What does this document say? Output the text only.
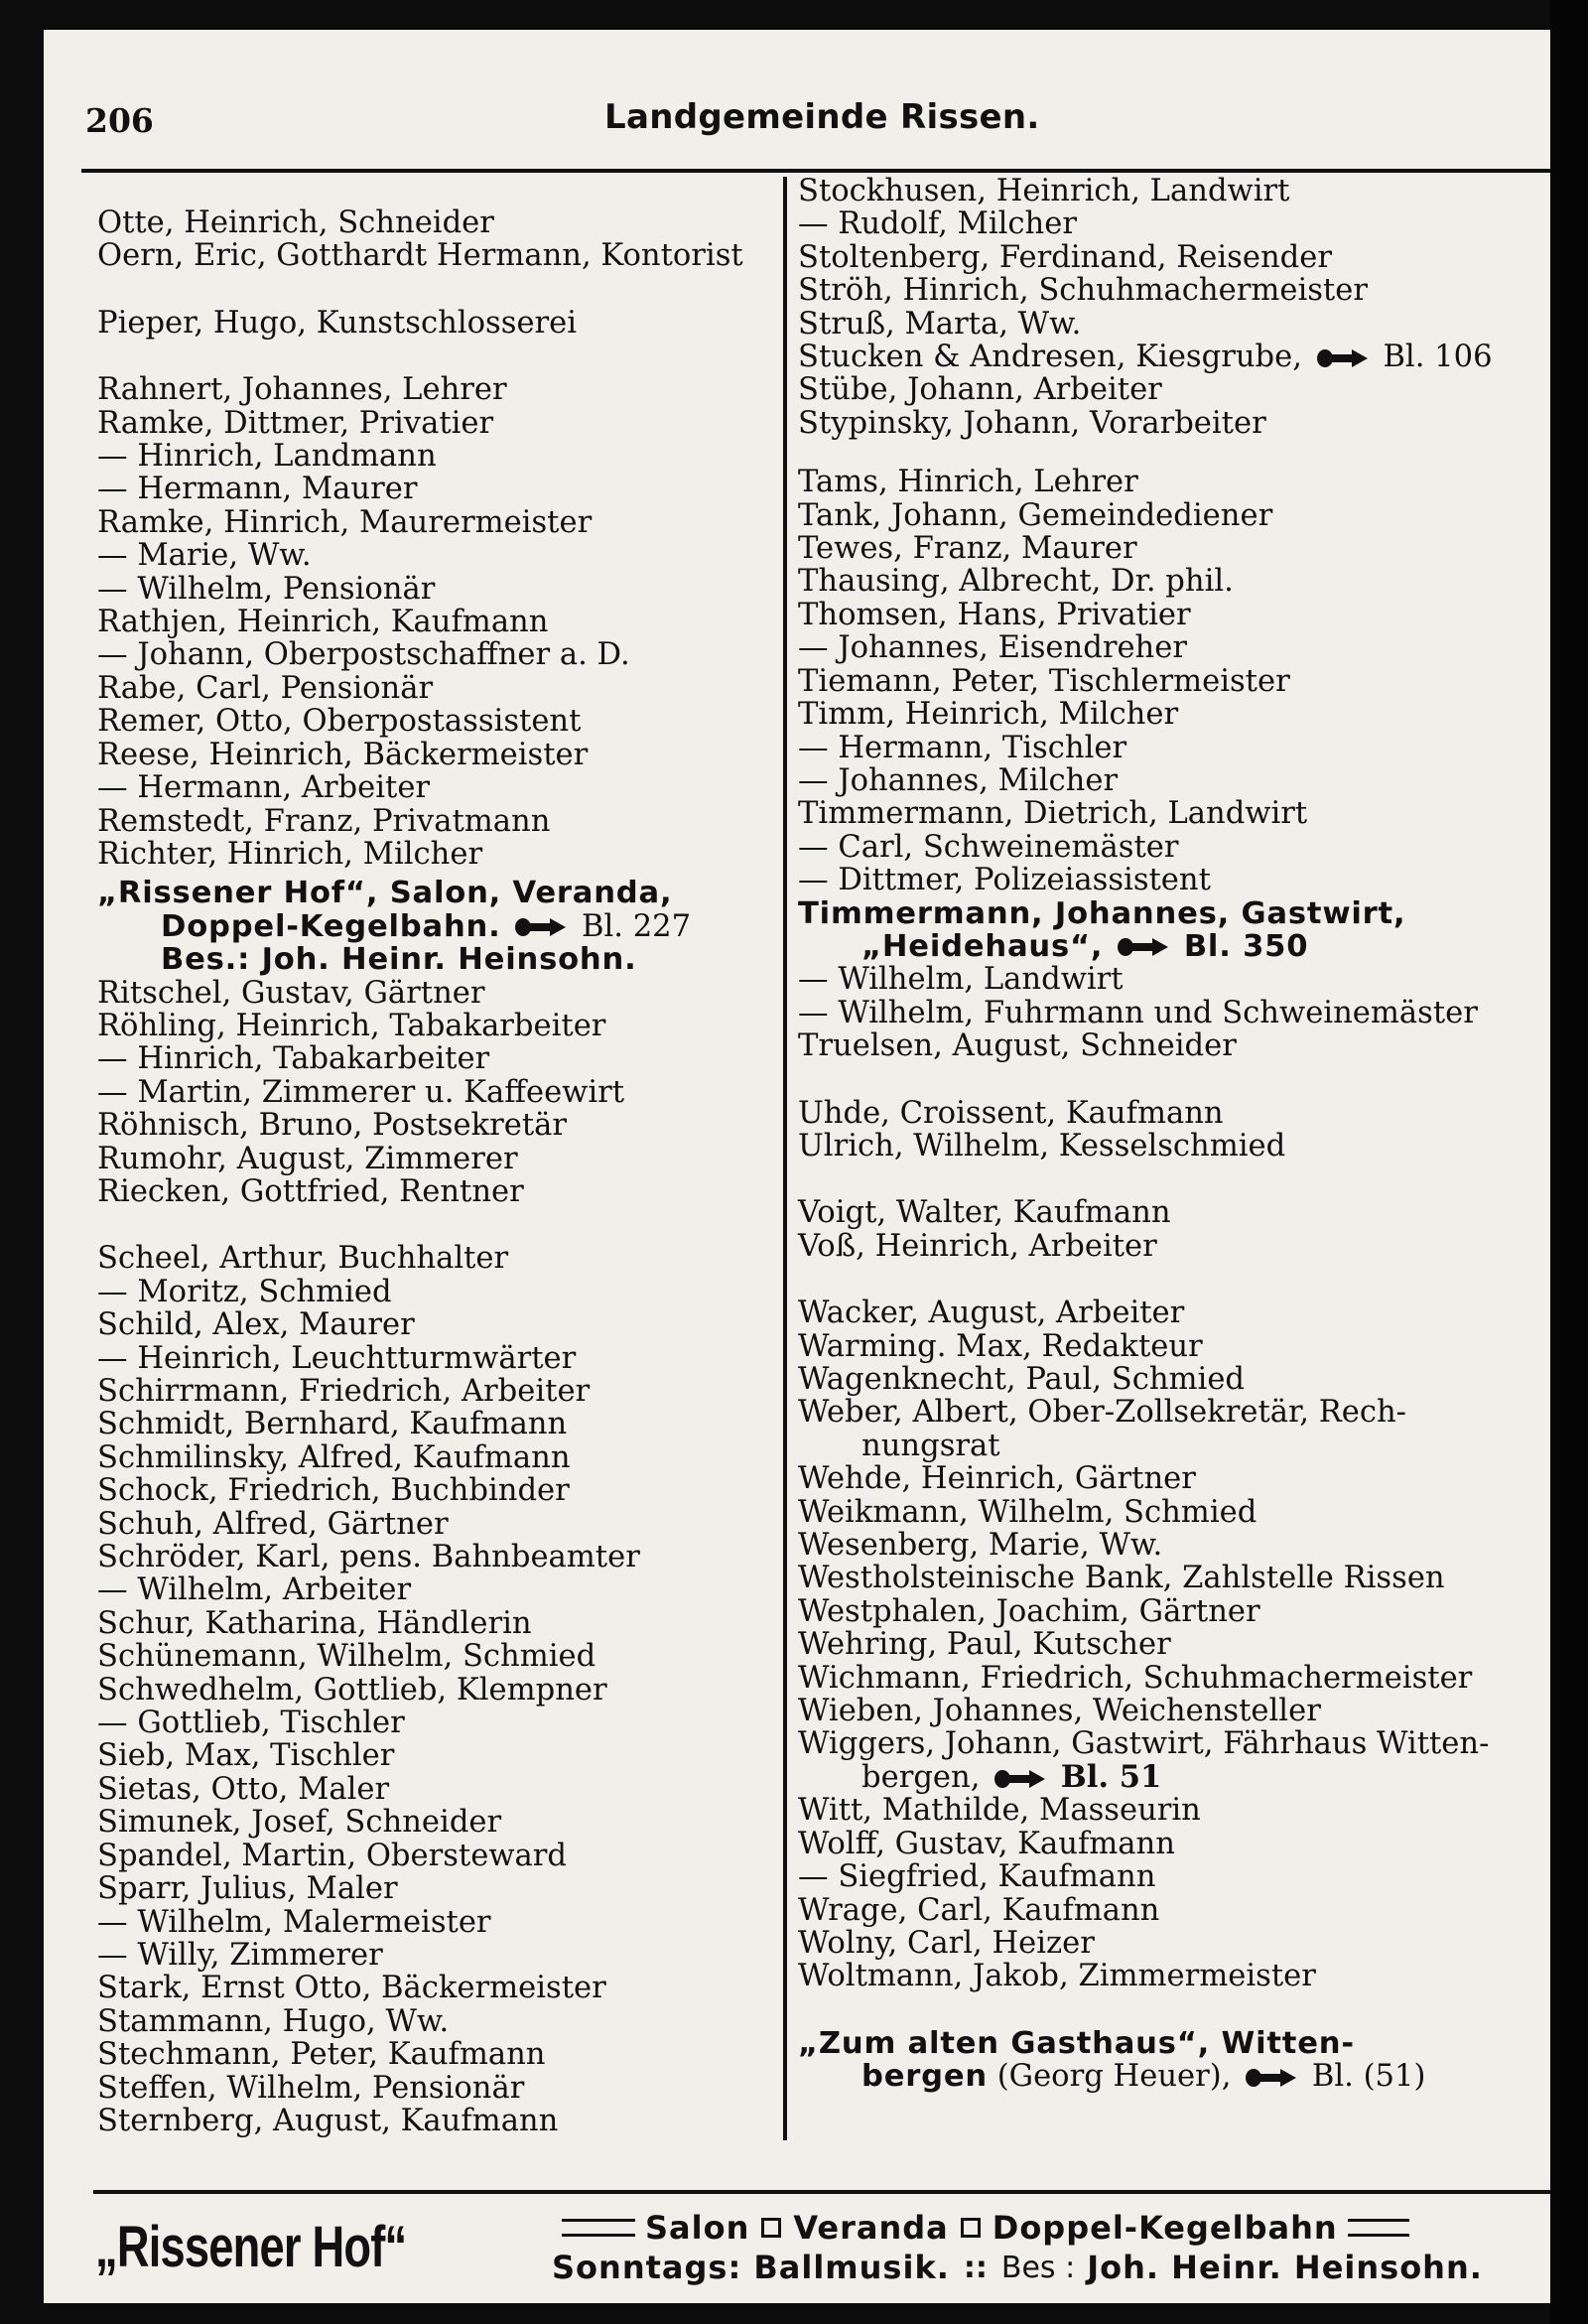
206	Landgemeinde Rissen.
Otte, Heinrich, Schneider
Oern, Eric, Gotthardt Hermann, Kontorist
Pieper, Hugo, Kunstschlosserei
Rahnert, Johannes, Lehrer
Ramke, Dittmer, Privatier
— Hinrich, Landmann
— Hermann, Maurer
Ramke, Hinrich, Maurermeister
— Marie, Ww.
— Wilhelm, Pensionär
Rathjen, Heinrich, Kaufmann
— Johann, Oberpostschaffner a. D.
Rabe, Carl, Pensionär
Remer, Otto, Oberpostassistent
Reese, Heinrich, Bäckermeister
— Hermann, Arbeiter
Remstedt, Franz, Privatmann
Richter, Hinrich, Milcher
„Rissener Hof“, Salon, Veranda,
Doppel-Kegelbahn.	Bl. 227
Bes.: Joh. Heinr. Heinsohn.
Ritschel, Gustav, Gärtner
Röhling, Heinrich, Tabakarbeiter
— Hinrich, Tabakarbeiter
— Martin, Zimmerer u. Kaffeewirt
Röhnisch, Bruno, Postsekretär
Rumohr, August, Zimmerer
Riecken, Gottfried, Rentner
Scheel, Arthur, Buchhalter
— Moritz, Schmied
Schild, Alex, Maurer
— Heinrich, Leuchtturmwärter
Schirrmann, Friedrich, Arbeiter
Schmidt, Bernhard, Kaufmann
Schmilinsky, Alfred, Kaufmann
Schock, Friedrich, Buchbinder
Schuh, Alfred, Gärtner
Schröder, Karl, pens. Bahnbeamter
— Wilhelm, Arbeiter
Schur, Katharina, Händlerin
Schünemann, Wilhelm, Schmied
Schwedhelm, Gottlieb, Klempner
— Gottlieb, Tischler
Sieb, Max, Tischler
Sietas, Otto, Maler
Simunek, Josef, Schneider
Spandel, Martin, Obersteward
Sparr, Julius, Maler
— Wilhelm, Malermeister
— Willy, Zimmerer
Stark, Ernst Otto, Bäckermeister
Stammann, Hugo, Ww.
Stechmann, Peter, Kaufmann
Steffen, Wilhelm, Pensionär
Sternberg, August, Kaufmann
Stockhusen, Heinrich, Landwirt
— Rudolf, Milcher
Stoltenberg, Ferdinand, Reisender
Ströh, Hinrich, Schuhmachermeister
Struß, Marta, Ww.
Stucken & Andresen, Kiesgrube,	Bl. 106
Stübe, Johann, Arbeiter
Stypinsky, Johann, Vorarbeiter
Tams, Hinrich, Lehrer
Tank, Johann, Gemeindediener
Tewes, Franz, Maurer
Thausing, Albrecht, Dr. phil.
Thomsen, Hans, Privatier
— Johannes, Eisendreher
Tiemann, Peter, Tischlermeister
Timm, Heinrich, Milcher
— Hermann, Tischler
— Johannes, Milcher
Timmermann, Dietrich, Landwirt
— Carl, Schweinemäster
— Dittmer, Polizeiassistent
Timmermann, Johannes, Gastwirt,
„Heidehaus“,	Bl. 350
— Wilhelm, Landwirt
— Wilhelm, Fuhrmann und Schweinemäster
Truelsen, August, Schneider
Uhde, Croissent, Kaufmann
Ulrich, Wilhelm, Kesselschmied
Voigt, Walter, Kaufmann
Voß, Heinrich, Arbeiter
Wacker, August, Arbeiter
Warming. Max, Redakteur
Wagenknecht, Paul, Schmied
Weber, Albert, Ober-Zollsekretär, Rech-
nungsrat
Wehde, Heinrich, Gärtner
Weikmann, Wilhelm, Schmied
Wesenberg, Marie, Ww.
Westholsteinische Bank, Zahlstelle Rissen
Westphalen, Joachim, Gärtner
Wehring, Paul, Kutscher
Wichmann, Friedrich, Schuhmachermeister
Wieben, Johannes, Weichensteller
Wiggers, Johann, Gastwirt, Fährhaus Witten-
bergen,	Bl. 51
Witt, Mathilde, Masseurin
Wolff, Gustav, Kaufmann
— Siegfried, Kaufmann
Wrage, Carl, Kaufmann
Wolny, Carl, Heizer
Woltmann, Jakob, Zimmermeister
„Zum alten Gasthaus“, Witten-
bergen (Georg Heuer),	Bl. (51)
„Rissener Hof“	Salon Veranda Doppel-Kegelbahn
Sonntags: Ballmusik. :: Bes : Joh. Heinr. Heinsohn.
